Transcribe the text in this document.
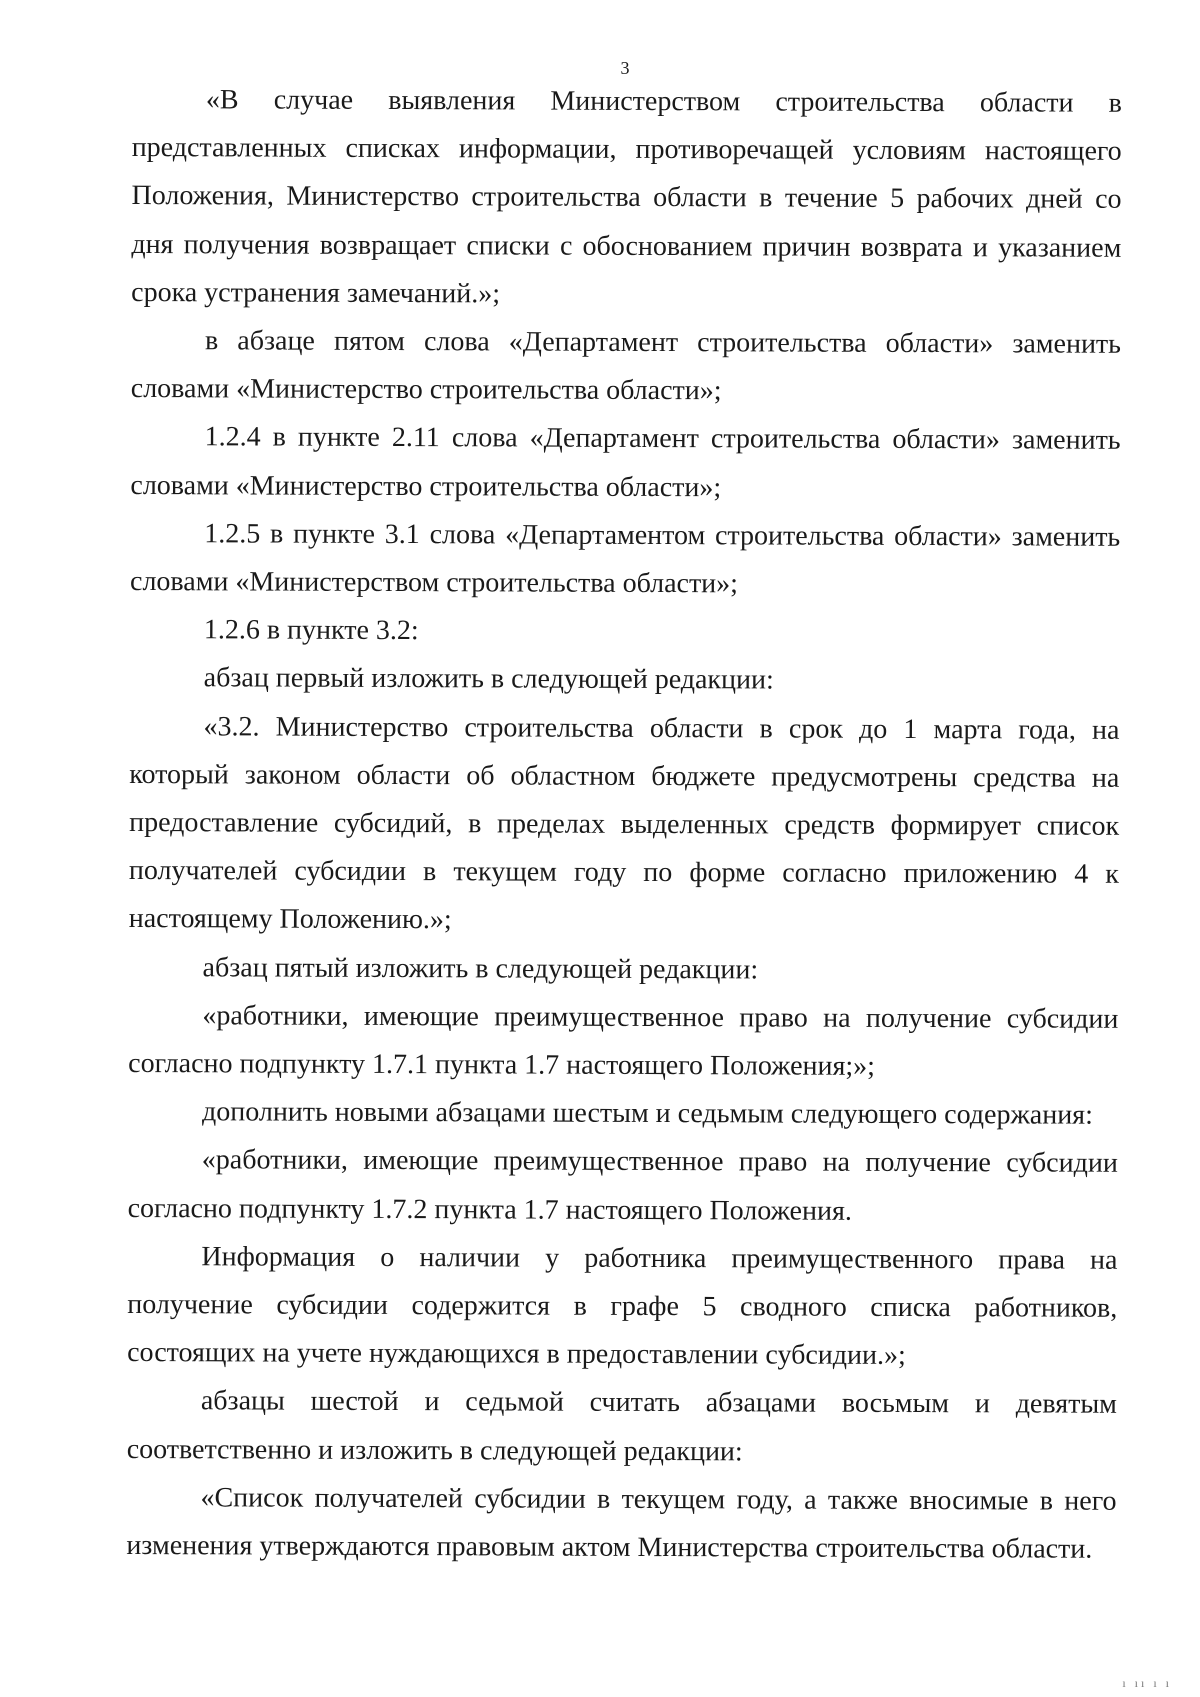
3

«В случае выявления Министерством строительства области в представленных списках информации, противоречащей условиям настоящего Положения, Министерство строительства области в течение 5 рабочих дней со дня получения возвращает списки с обоснованием причин возврата и указанием срока устранения замечаний.»;

в абзаце пятом слова «Департамент строительства области» заменить словами «Министерство строительства области»;

1.2.4 в пункте 2.11 слова «Департамент строительства области» заменить словами «Министерство строительства области»;

1.2.5 в пункте 3.1 слова «Департаментом строительства области» заменить словами «Министерством строительства области»;

1.2.6 в пункте 3.2:

абзац первый изложить в следующей редакции:

«3.2. Министерство строительства области в срок до 1 марта года, на который законом области об областном бюджете предусмотрены средства на предоставление субсидий, в пределах выделенных средств формирует список получателей субсидии в текущем году по форме согласно приложению 4 к настоящему Положению.»;

абзац пятый изложить в следующей редакции:

«работники, имеющие преимущественное право на получение субсидии согласно подпункту 1.7.1 пункта 1.7 настоящего Положения;»;

дополнить новыми абзацами шестым и седьмым следующего содержания:

«работники, имеющие преимущественное право на получение субсидии согласно подпункту 1.7.2 пункта 1.7 настоящего Положения.

Информация о наличии у работника преимущественного права на получение субсидии содержится в графе 5 сводного списка работников, состоящих на учете нуждающихся в предоставлении субсидии.»;

абзацы шестой и седьмой считать абзацами восьмым и девятым соответственно и изложить в следующей редакции:

«Список получателей субсидии в текущем году, а также вносимые в него изменения утверждаются правовым актом Министерства строительства области.

ı ıı ı ı
